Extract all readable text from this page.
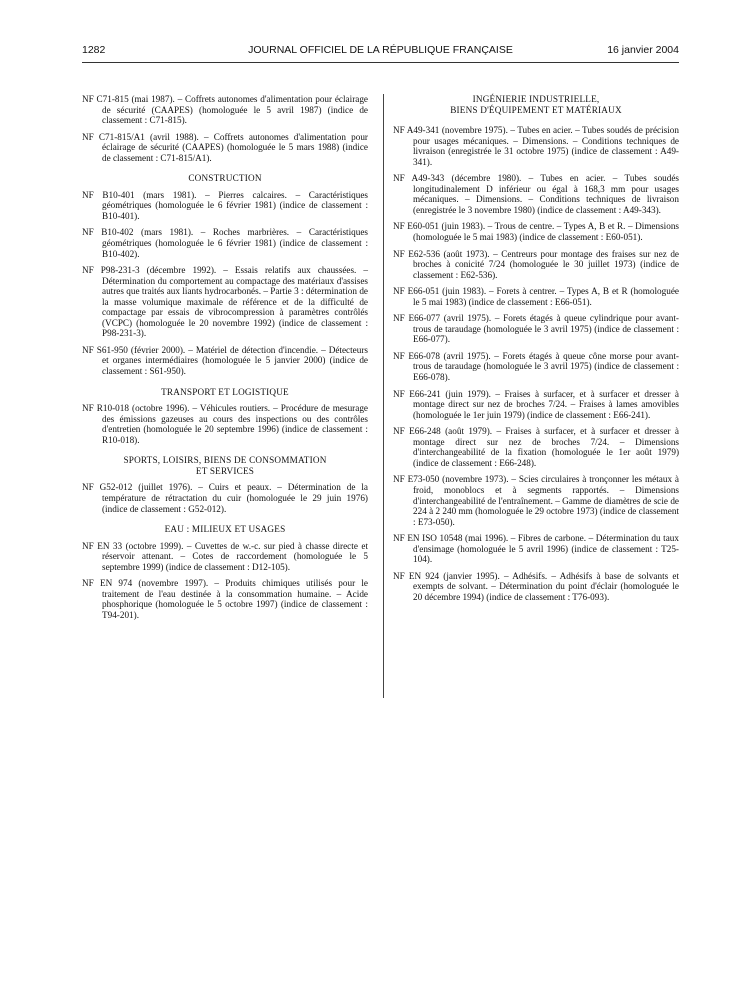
1282	JOURNAL OFFICIEL DE LA RÉPUBLIQUE FRANÇAISE	16 janvier 2004

NF C71-815 (mai 1987). – Coffrets autonomes d'alimentation pour éclairage de sécurité (CAAPES) (homologuée le 5 avril 1987) (indice de classement : C71-815).

NF C71-815/A1 (avril 1988). – Coffrets autonomes d'alimentation pour éclairage de sécurité (CAAPES) (homologuée le 5 mars 1988) (indice de classement : C71-815/A1).

CONSTRUCTION

NF B10-401 (mars 1981). – Pierres calcaires. – Caractéristiques géométriques (homologuée le 6 février 1981) (indice de classement : B10-401).

NF B10-402 (mars 1981). – Roches marbrières. – Caractéristiques géométriques (homologuée le 6 février 1981) (indice de classement : B10-402).

NF P98-231-3 (décembre 1992). – Essais relatifs aux chaussées. – Détermination du comportement au compactage des matériaux d'assises autres que traités aux liants hydrocarbonés. – Partie 3 : détermination de la masse volumique maximale de référence et de la difficulté de compactage par essais de vibrocompression à paramètres contrôlés (VCPC) (homologuée le 20 novembre 1992) (indice de classement : P98-231-3).

NF S61-950 (février 2000). – Matériel de détection d'incendie. – Détecteurs et organes intermédiaires (homologuée le 5 janvier 2000) (indice de classement : S61-950).

TRANSPORT ET LOGISTIQUE

NF R10-018 (octobre 1996). – Véhicules routiers. – Procédure de mesurage des émissions gazeuses au cours des inspections ou des contrôles d'entretien (homologuée le 20 septembre 1996) (indice de classement : R10-018).

SPORTS, LOISIRS, BIENS DE CONSOMMATION
ET SERVICES

NF G52-012 (juillet 1976). – Cuirs et peaux. – Détermination de la température de rétractation du cuir (homologuée le 29 juin 1976) (indice de classement : G52-012).

EAU : MILIEUX ET USAGES

NF EN 33 (octobre 1999). – Cuvettes de w.-c. sur pied à chasse directe et réservoir attenant. – Cotes de raccordement (homologuée le 5 septembre 1999) (indice de classement : D12-105).

NF EN 974 (novembre 1997). – Produits chimiques utilisés pour le traitement de l'eau destinée à la consommation humaine. – Acide phosphorique (homologuée le 5 octobre 1997) (indice de classement : T94-201).

INGÉNIERIE INDUSTRIELLE,
BIENS D'ÉQUIPEMENT ET MATÉRIAUX

NF A49-341 (novembre 1975). – Tubes en acier. – Tubes soudés de précision pour usages mécaniques. – Dimensions. – Conditions techniques de livraison (enregistrée le 31 octobre 1975) (indice de classement : A49-341).

NF A49-343 (décembre 1980). – Tubes en acier. – Tubes soudés longitudinalement D inférieur ou égal à 168,3 mm pour usages mécaniques. – Dimensions. – Conditions techniques de livraison (enregistrée le 3 novembre 1980) (indice de classement : A49-343).

NF E60-051 (juin 1983). – Trous de centre. – Types A, B et R. – Dimensions (homologuée le 5 mai 1983) (indice de classement : E60-051).

NF E62-536 (août 1973). – Centreurs pour montage des fraises sur nez de broches à conicité 7/24 (homologuée le 30 juillet 1973) (indice de classement : E62-536).

NF E66-051 (juin 1983). – Forets à centrer. – Types A, B et R (homologuée le 5 mai 1983) (indice de classement : E66-051).

NF E66-077 (avril 1975). – Forets étagés à queue cylindrique pour avant-trous de taraudage (homologuée le 3 avril 1975) (indice de classement : E66-077).

NF E66-078 (avril 1975). – Forets étagés à queue cône morse pour avant-trous de taraudage (homologuée le 3 avril 1975) (indice de classement : E66-078).

NF E66-241 (juin 1979). – Fraises à surfacer, et à surfacer et dresser à montage direct sur nez de broches 7/24. – Fraises à lames amovibles (homologuée le 1er juin 1979) (indice de classement : E66-241).

NF E66-248 (août 1979). – Fraises à surfacer, et à surfacer et dresser à montage direct sur nez de broches 7/24. – Dimensions d'interchangeabilité de la fixation (homologuée le 1er août 1979) (indice de classement : E66-248).

NF E73-050 (novembre 1973). – Scies circulaires à tronçonner les métaux à froid, monoblocs et à segments rapportés. – Dimensions d'interchangeabilité de l'entraînement. – Gamme de diamètres de scie de 224 à 2 240 mm (homologuée le 29 octobre 1973) (indice de classement : E73-050).

NF EN ISO 10548 (mai 1996). – Fibres de carbone. – Détermination du taux d'ensimage (homologuée le 5 avril 1996) (indice de classement : T25-104).

NF EN 924 (janvier 1995). – Adhésifs. – Adhésifs à base de solvants et exempts de solvant. – Détermination du point d'éclair (homologuée le 20 décembre 1994) (indice de classement : T76-093).
